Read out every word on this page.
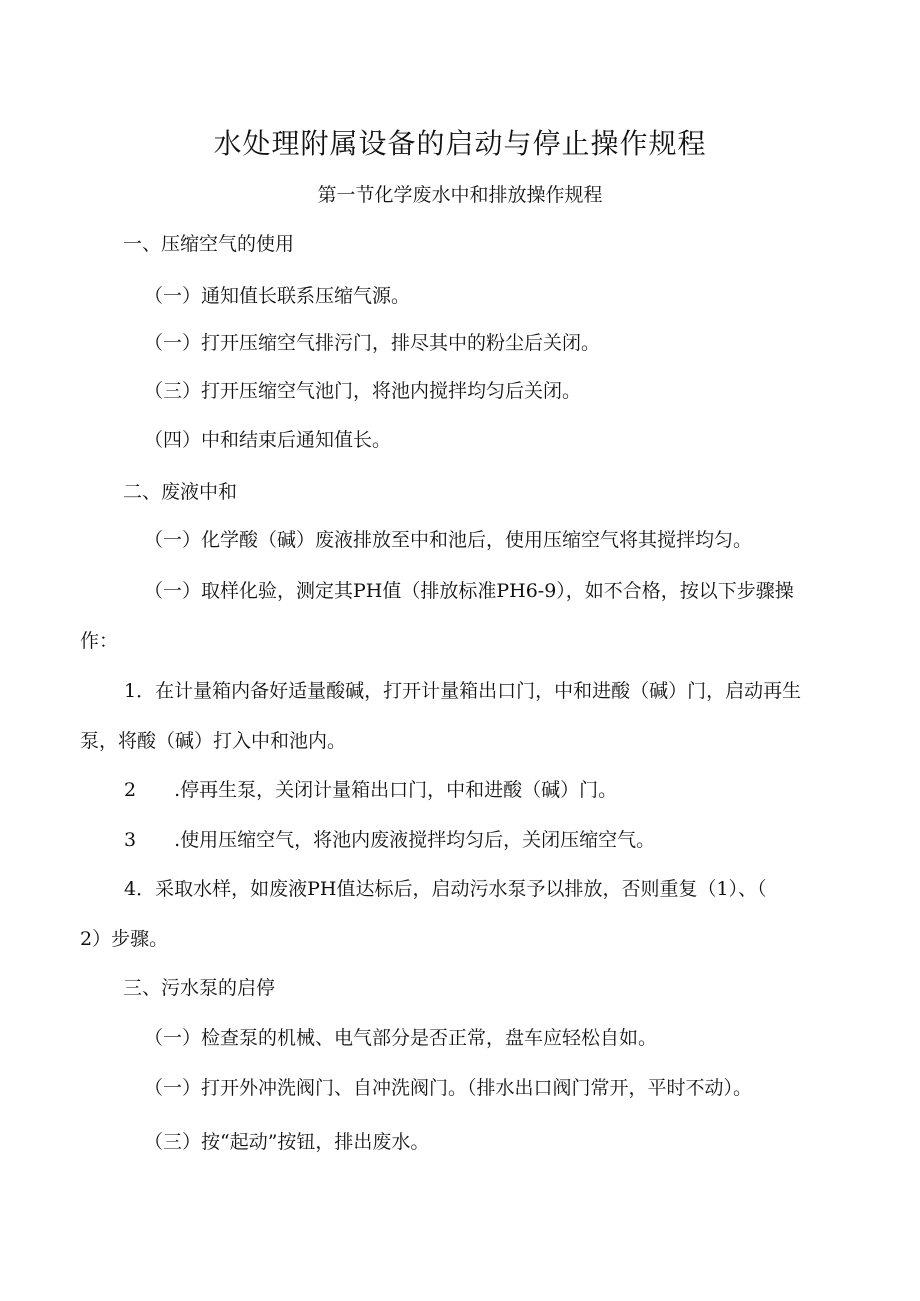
水处理附属设备的启动与停止操作规程
第一节化学废水中和排放操作规程
一、压缩空气的使用
（一）通知值长联系压缩气源。
（一）打开压缩空气排污门，排尽其中的粉尘后关闭。
（三）打开压缩空气池门，将池内搅拌均匀后关闭。
（四）中和结束后通知值长。
二、废液中和
（一）化学酸（碱）废液排放至中和池后，使用压缩空气将其搅拌均匀。
（一）取样化验，测定其PH值（排放标准PH6-9），如不合格，按以下步骤操
作：
1．在计量箱内备好适量酸碱，打开计量箱出口门，中和进酸（碱）门，启动再生
泵，将酸（碱）打入中和池内。
2　　.停再生泵，关闭计量箱出口门，中和进酸（碱）门。
3　　.使用压缩空气，将池内废液搅拌均匀后，关闭压缩空气。
4．采取水样，如废液PH值达标后，启动污水泵予以排放，否则重复（1）、（
2）步骤。
三、污水泵的启停
（一）检查泵的机械、电气部分是否正常，盘车应轻松自如。
（一）打开外冲洗阀门、自冲洗阀门。（排水出口阀门常开，平时不动）。
（三）按“起动”按钮，排出废水。
